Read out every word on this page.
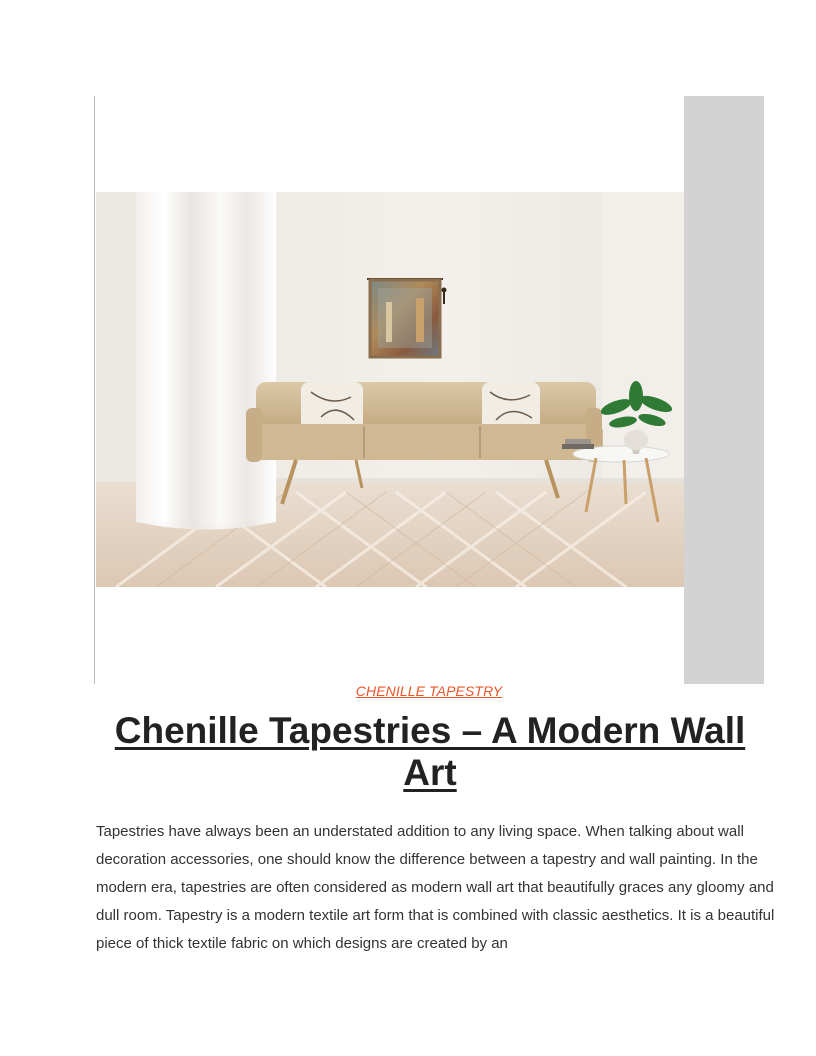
CHENILLE TAPESTRY
Chenille Tapestries – A Modern Wall Art

Tapestries have always been an understated addition to any living space. When talking about wall decoration accessories, one should know the difference between a tapestry and wall painting. In the modern era, tapestries are often considered as modern wall art that beautifully graces any gloomy and dull room. Tapestry is a modern textile art form that is combined with classic aesthetics. It is a beautiful piece of thick textile fabric on which designs are created by an
